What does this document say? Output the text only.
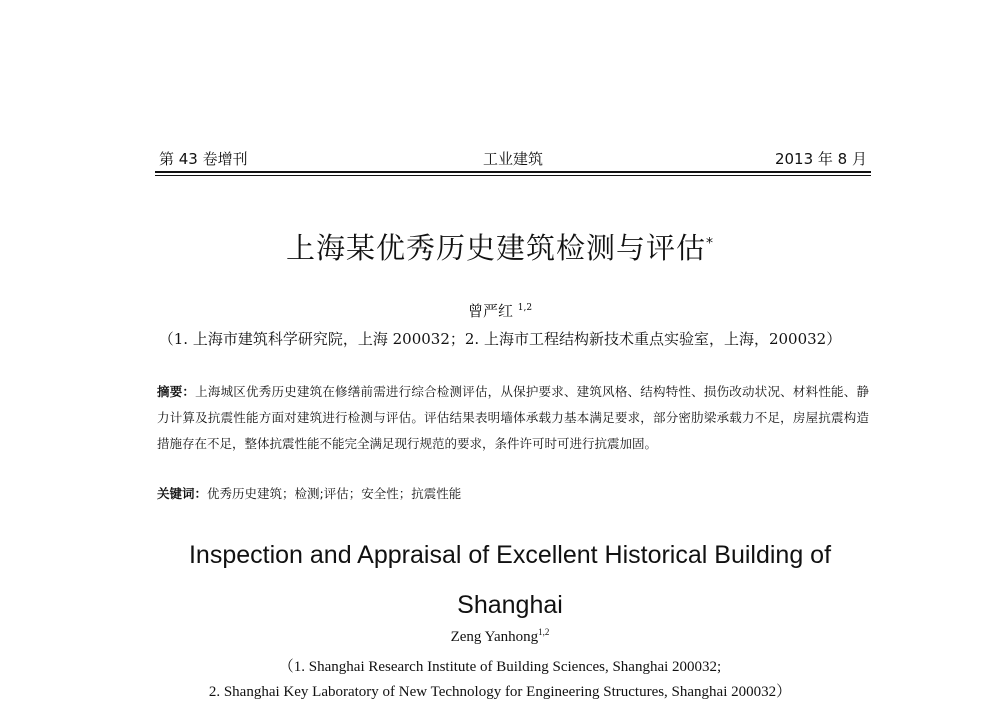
第 43 卷增刊	工业建筑	2013 年 8 月
上海某优秀历史建筑检测与评估*
曾严红 $^{1,2}$
（1. 上海市建筑科学研究院，上海 200032；2. 上海市工程结构新技术重点实验室，上海，200032）
摘要：上海城区优秀历史建筑在修缮前需进行综合检测评估，从保护要求、建筑风格、结构特性、损伤改动状况、材料性能、静力计算及抗震性能方面对建筑进行检测与评估。评估结果表明墙体承载力基本满足要求，部分密肋梁承载力不足，房屋抗震构造措施存在不足，整体抗震性能不能完全满足现行规范的要求，条件许可时可进行抗震加固。
关键词：优秀历史建筑；检测;评估；安全性；抗震性能
Inspection and Appraisal of Excellent Historical Building of Shanghai
Zeng Yanhong$^{1,2}$
（1. Shanghai Research Institute of Building Sciences, Shanghai 200032;
2. Shanghai Key Laboratory of New Technology for Engineering Structures, Shanghai 200032）
